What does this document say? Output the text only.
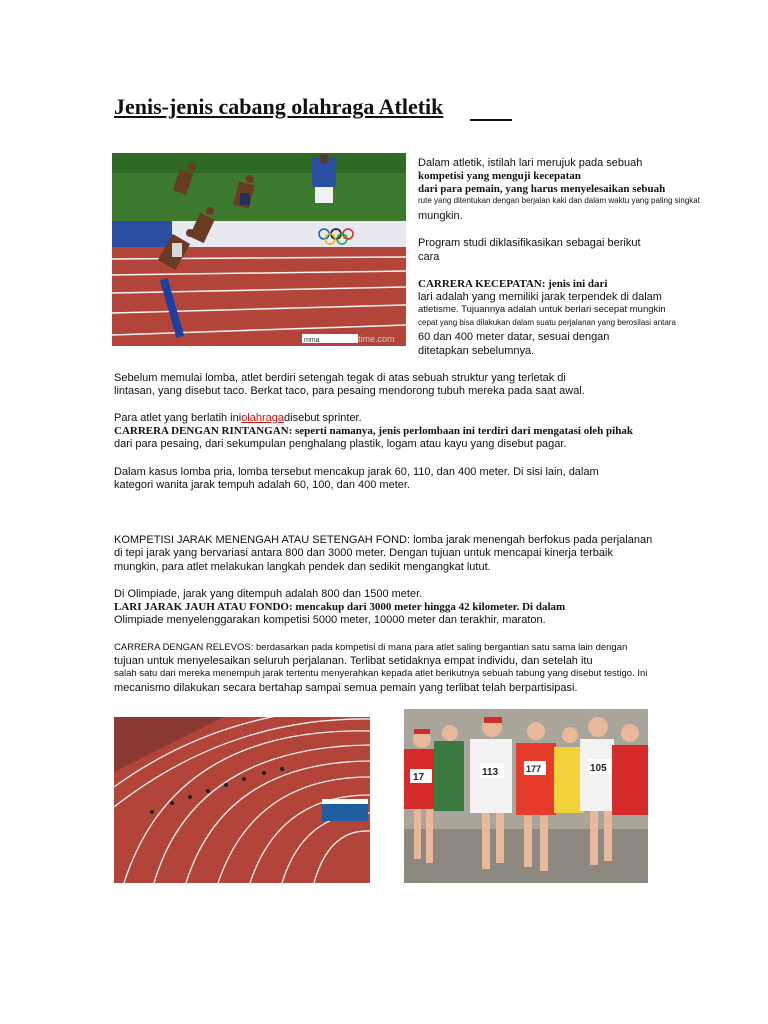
Jenis-jenis cabang olahraga Atletik
mma	time.com
Dalam atletik, istilah lari merujuk pada sebuah
kompetisi yang menguji kecepatan
dari para pemain, yang harus menyelesaikan sebuah
rute yang ditentukan dengan berjalan kaki dan dalam waktu yang paling singkat
mungkin.
Program studi diklasifikasikan sebagai berikut
cara
CARRERA KECEPATAN: jenis ini dari
lari adalah yang memiliki jarak terpendek di dalam
atletisme. Tujuannya adalah untuk berlari secepat mungkin
cepat yang bisa dilakukan dalam suatu perjalanan yang berosilasi antara
60 dan 400 meter datar, sesuai dengan
ditetapkan sebelumnya.
Sebelum memulai lomba, atlet berdiri setengah tegak di atas sebuah struktur yang terletak di
lintasan, yang disebut taco. Berkat taco, para pesaing mendorong tubuh mereka pada saat awal.
Para atlet yang berlatih iniolahragadisebut sprinter.
CARRERA DENGAN RINTANGAN: seperti namanya, jenis perlombaan ini terdiri dari mengatasi oleh pihak
dari para pesaing, dari sekumpulan penghalang plastik, logam atau kayu yang disebut pagar.
Dalam kasus lomba pria, lomba tersebut mencakup jarak 60, 110, dan 400 meter. Di sisi lain, dalam
kategori wanita jarak tempuh adalah 60, 100, dan 400 meter.
KOMPETISI JARAK MENENGAH ATAU SETENGAH FOND: lomba jarak menengah berfokus pada perjalanan
di tepi jarak yang bervariasi antara 800 dan 3000 meter. Dengan tujuan untuk mencapai kinerja terbaik
mungkin, para atlet melakukan langkah pendek dan sedikit mengangkat lutut.
Di Olimpiade, jarak yang ditempuh adalah 800 dan 1500 meter.
LARI JARAK JAUH ATAU FONDO: mencakup dari 3000 meter hingga 42 kilometer. Di dalam
Olimpiade menyelenggarakan kompetisi 5000 meter, 10000 meter dan terakhir, maraton.
CARRERA DENGAN RELEVOS: berdasarkan pada kompetisi di mana para atlet saling bergantian satu sama lain dengan
tujuan untuk menyelesaikan seluruh perjalanan. Terlibat setidaknya empat individu, dan setelah itu
salah satu dari mereka menempuh jarak tertentu menyerahkan kepada atlet berikutnya sebuah tabung yang disebut testigo. Ini
mecanismo dilakukan secara bertahap sampai semua pemain yang terlibat telah berpartisipasi.
17	113	105
177
